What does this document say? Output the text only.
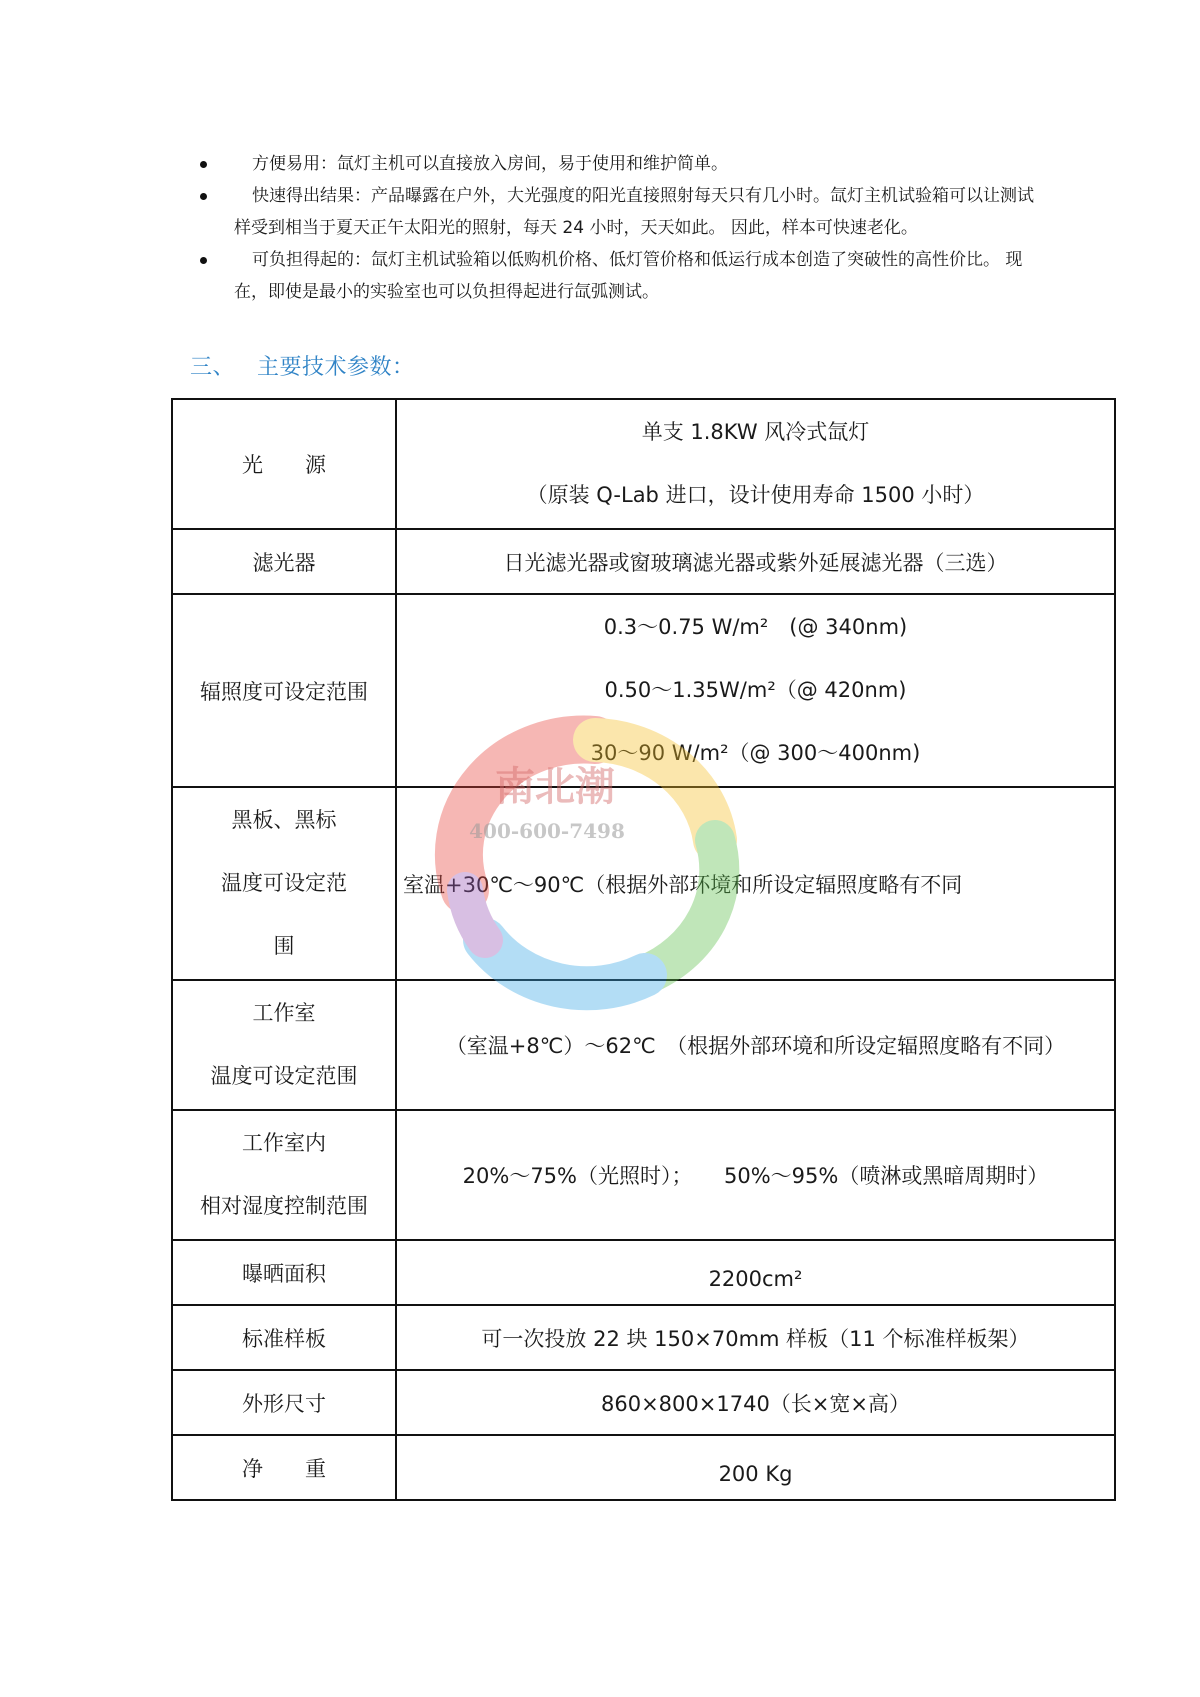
方便易用：氙灯主机可以直接放入房间，易于使用和维护简单。
快速得出结果：产品曝露在户外，大光强度的阳光直接照射每天只有几小时。氙灯主机试验箱可以让测试样受到相当于夏天正午太阳光的照射，每天 24 小时，天天如此。 因此，样本可快速老化。
可负担得起的：氙灯主机试验箱以低购机价格、低灯管价格和低运行成本创造了突破性的高性价比。 现在，即使是最小的实验室也可以负担得起进行氙弧测试。
三、 主要技术参数：
光　　源	单支 1.8KW 风冷式氙灯
（原装 Q-Lab 进口，设计使用寿命 1500 小时）

滤光器	日光滤光器或窗玻璃滤光器或紫外延展滤光器（三选）
辐照度可设定范围	0.3～0.75 W/m²　(@ 340nm)
0.50～1.35W/m²（@ 420nm)
30～90 W/m²（@ 300～400nm)

黑板、黑标
温度可设定范
围	室温+30℃～90℃（根据外部环境和所设定辐照度略有不同

工作室
温度可设定范围	（室温+8℃）～62℃　（根据外部环境和所设定辐照度略有不同）

工作室内
相对湿度控制范围	20%～75%（光照时）；　　50%～95%（喷淋或黑暗周期时）
曝晒面积	2200cm²
标准样板	可一次投放 22 块 150×70mm 样板（11 个标准样板架）
外形尺寸	860×800×1740（长×宽×高）
净　　重	200 Kg
南北潮
400-600-7498
